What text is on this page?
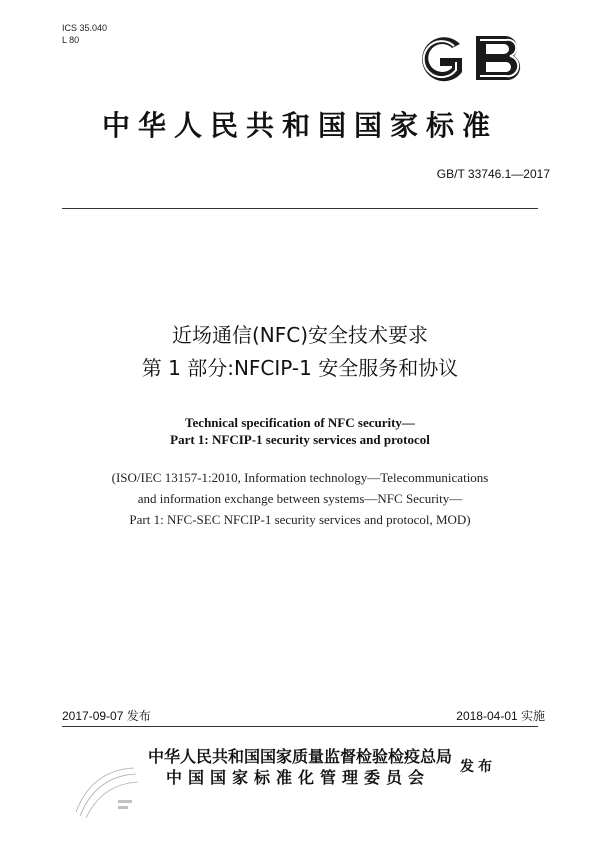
ICS 35.040
L 80
中华人民共和国国家标准
GB/T 33746.1—2017
近场通信(NFC)安全技术要求
第 1 部分:NFCIP-1 安全服务和协议
Technical specification of NFC security—
Part 1: NFCIP-1 security services and protocol
(ISO/IEC 13157-1:2010, Information technology—Telecommunications
and information exchange between systems—NFC Security—
Part 1: NFC-SEC NFCIP-1 security services and protocol, MOD)
2017-09-07 发布	2018-04-01 实施
中华人民共和国国家质量监督检验检疫总局
中国国家标准化管理委员会
发布
